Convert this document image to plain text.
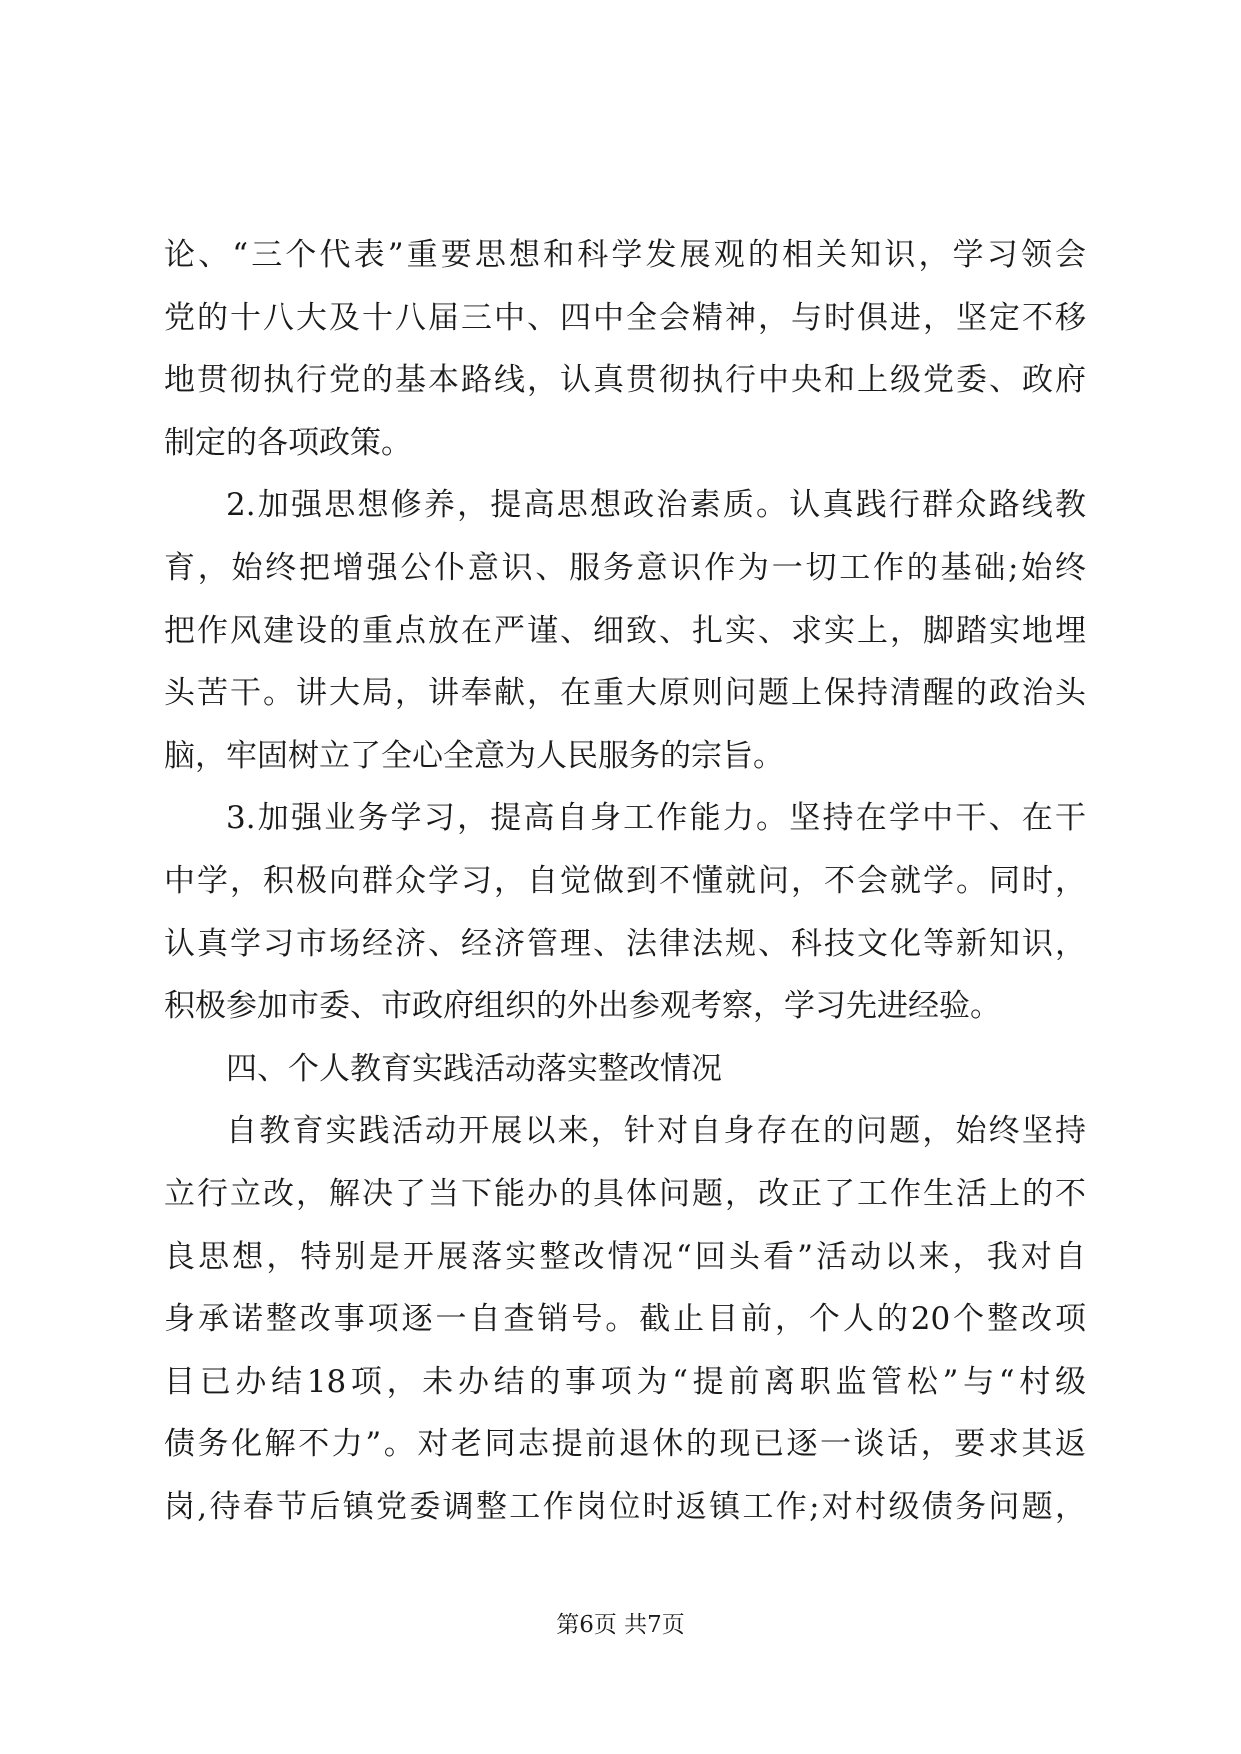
论、“三个代表”重要思想和科学发展观的相关知识，学习领会
党的十八大及十八届三中、四中全会精神，与时俱进，坚定不移
地贯彻执行党的基本路线，认真贯彻执行中央和上级党委、政府
制定的各项政策。
2.加强思想修养，提高思想政治素质。认真践行群众路线教
育，始终把增强公仆意识、服务意识作为一切工作的基础;始终
把作风建设的重点放在严谨、细致、扎实、求实上，脚踏实地埋
头苦干。讲大局，讲奉献，在重大原则问题上保持清醒的政治头
脑，牢固树立了全心全意为人民服务的宗旨。
3.加强业务学习，提高自身工作能力。坚持在学中干、在干
中学，积极向群众学习，自觉做到不懂就问，不会就学。同时，
认真学习市场经济、经济管理、法律法规、科技文化等新知识，
积极参加市委、市政府组织的外出参观考察，学习先进经验。
四、个人教育实践活动落实整改情况
自教育实践活动开展以来，针对自身存在的问题，始终坚持
立行立改，解决了当下能办的具体问题，改正了工作生活上的不
良思想，特别是开展落实整改情况“回头看”活动以来，我对自
身承诺整改事项逐一自查销号。截止目前，个人的20个整改项
目已办结18项，未办结的事项为“提前离职监管松”与“村级
债务化解不力”。对老同志提前退休的现已逐一谈话，要求其返
岗,待春节后镇党委调整工作岗位时返镇工作;对村级债务问题，
第6页 共7页
